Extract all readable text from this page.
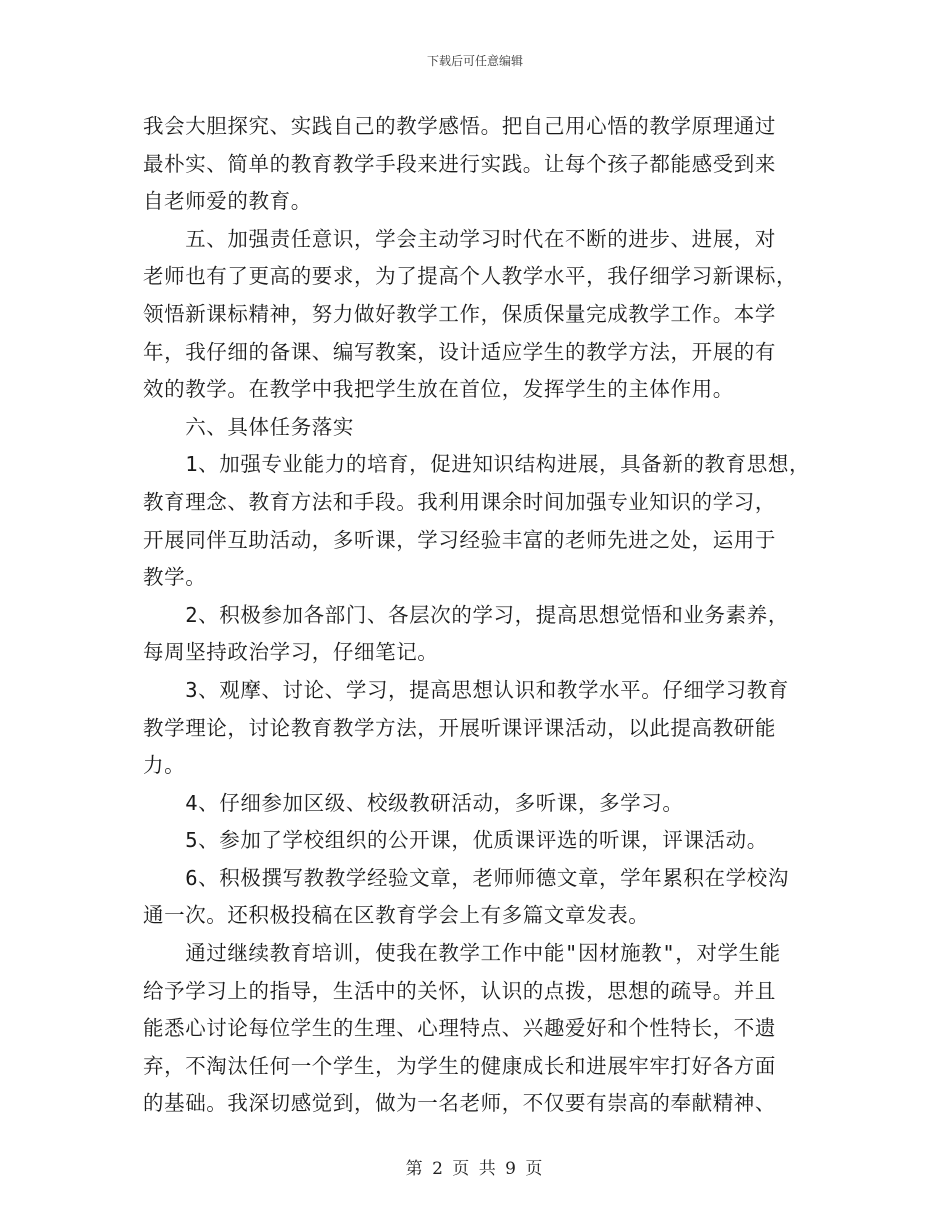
下载后可任意编辑
我会大胆探究、实践自己的教学感悟。把自己用心悟的教学原理通过
最朴实、简单的教育教学手段来进行实践。让每个孩子都能感受到来
自老师爱的教育。
　　五、加强责任意识，学会主动学习时代在不断的进步、进展，对
老师也有了更高的要求，为了提高个人教学水平，我仔细学习新课标，
领悟新课标精神，努力做好教学工作，保质保量完成教学工作。本学
年，我仔细的备课、编写教案，设计适应学生的教学方法，开展的有
效的教学。在教学中我把学生放在首位，发挥学生的主体作用。
　　六、具体任务落实
　　1、加强专业能力的培育，促进知识结构进展，具备新的教育思想，
教育理念、教育方法和手段。我利用课余时间加强专业知识的学习，
开展同伴互助活动，多听课，学习经验丰富的老师先进之处，运用于
教学。
　　2、积极参加各部门、各层次的学习，提高思想觉悟和业务素养，
每周坚持政治学习，仔细笔记。
　　3、观摩、讨论、学习，提高思想认识和教学水平。仔细学习教育
教学理论，讨论教育教学方法，开展听课评课活动，以此提高教研能
力。
　　4、仔细参加区级、校级教研活动，多听课，多学习。
　　5、参加了学校组织的公开课，优质课评选的听课，评课活动。
　　6、积极撰写教教学经验文章，老师师德文章，学年累积在学校沟
通一次。还积极投稿在区教育学会上有多篇文章发表。
　　通过继续教育培训，使我在教学工作中能"因材施教"，对学生能
给予学习上的指导，生活中的关怀，认识的点拨，思想的疏导。并且
能悉心讨论每位学生的生理、心理特点、兴趣爱好和个性特长，不遗
弃，不淘汰任何一个学生，为学生的健康成长和进展牢牢打好各方面
的基础。我深切感觉到，做为一名老师，不仅要有崇高的奉献精神、
第 2 页 共 9 页
